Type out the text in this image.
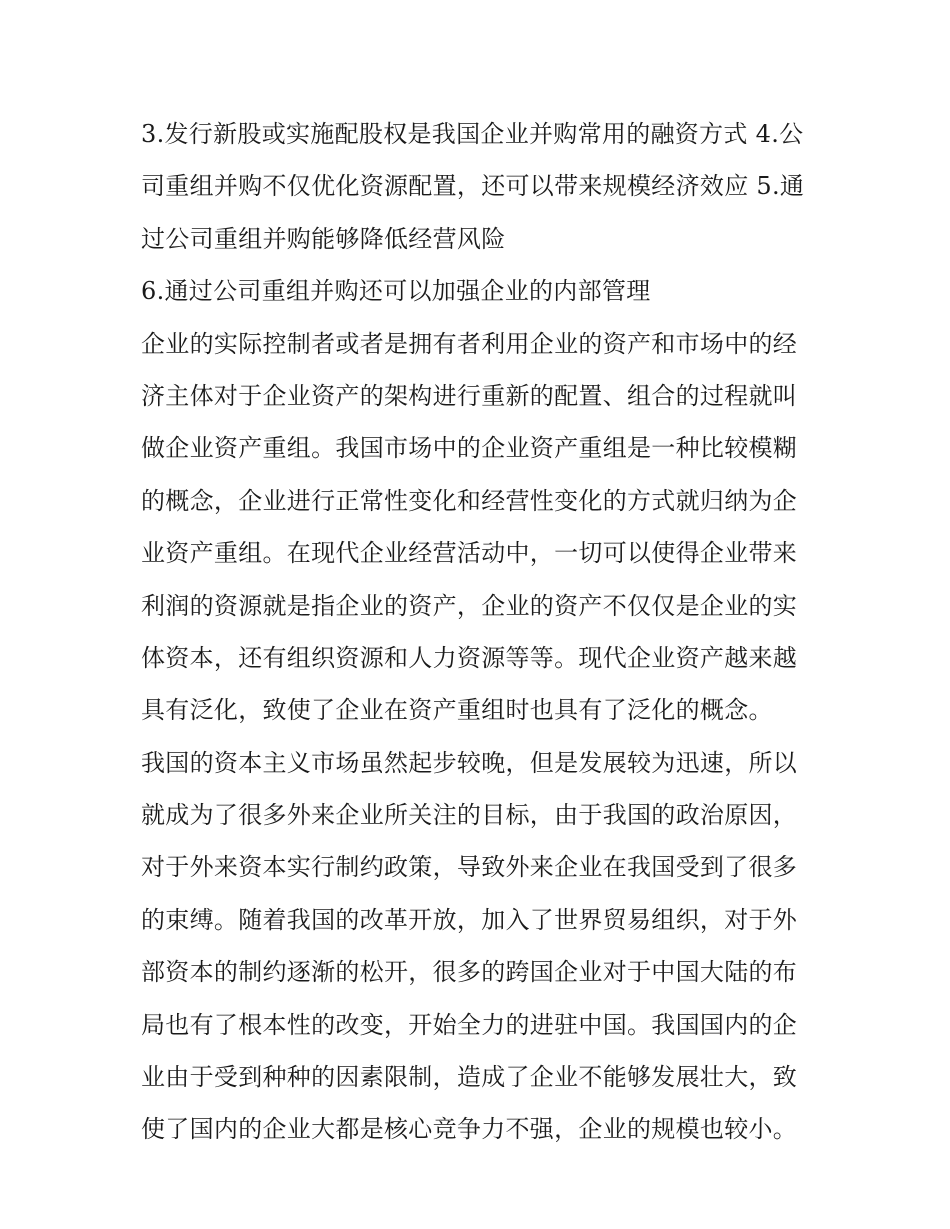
3.发行新股或实施配股权是我国企业并购常用的融资方式 4.公
司重组并购不仅优化资源配置，还可以带来规模经济效应 5.通
过公司重组并购能够降低经营风险
6.通过公司重组并购还可以加强企业的内部管理
企业的实际控制者或者是拥有者利用企业的资产和市场中的经
济主体对于企业资产的架构进行重新的配置、组合的过程就叫
做企业资产重组。我国市场中的企业资产重组是一种比较模糊
的概念，企业进行正常性变化和经营性变化的方式就归纳为企
业资产重组。在现代企业经营活动中，一切可以使得企业带来
利润的资源就是指企业的资产，企业的资产不仅仅是企业的实
体资本，还有组织资源和人力资源等等。现代企业资产越来越
具有泛化，致使了企业在资产重组时也具有了泛化的概念。
我国的资本主义市场虽然起步较晚，但是发展较为迅速，所以
就成为了很多外来企业所关注的目标，由于我国的政治原因，
对于外来资本实行制约政策，导致外来企业在我国受到了很多
的束缚。随着我国的改革开放，加入了世界贸易组织，对于外
部资本的制约逐渐的松开，很多的跨国企业对于中国大陆的布
局也有了根本性的改变，开始全力的进驻中国。我国国内的企
业由于受到种种的因素限制，造成了企业不能够发展壮大，致
使了国内的企业大都是核心竞争力不强，企业的规模也较小。
